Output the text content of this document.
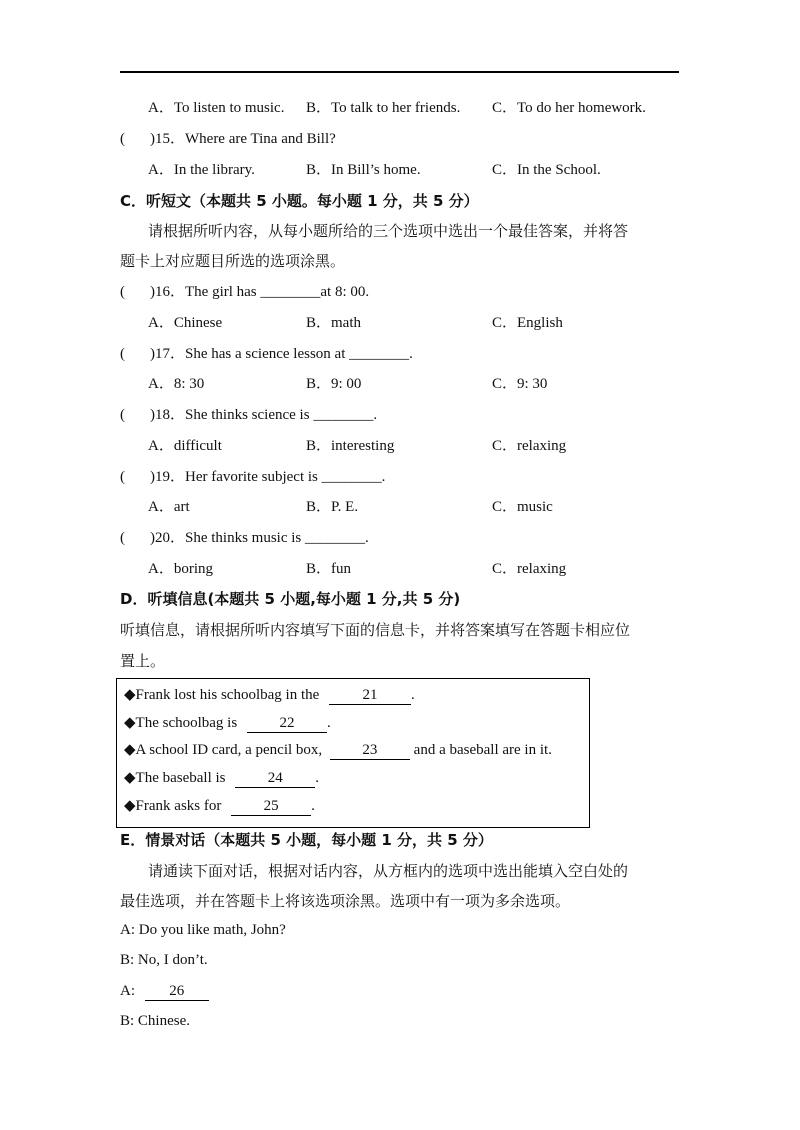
A．To listen to music. B．To talk to her friends. C．To do her homework.
( )15．Where are Tina and Bill?
A．In the library.	B．In Bill’s home.	C．In the School.
C．听短文（本题共 5 小题。每小题 1 分，共 5 分）
请根据所听内容，从每小题所给的三个选项中选出一个最佳答案，并将答
题卡上对应题目所选的选项涂黑。
( )16．The girl has ________at 8: 00.
A．Chinese	B．math	C．English
( )17．She has a science lesson at ________.
A．8: 30	B．9: 00	C．9: 30
( )18．She thinks science is ________.
A．difficult	B．interesting	C．relaxing
( )19．Her favorite subject is ________.
A．art	B．P. E.	C．music
( )20．She thinks music is ________.
A．boring	B．fun	C．relaxing
D．听填信息(本题共 5 小题,每小题 1 分,共 5 分)
听填信息，请根据所听内容填写下面的信息卡，并将答案填写在答题卡相应位
置上。
◆Frank lost his schoolbag in the	21 .
◆The schoolbag is	22 .
◆A school ID card, a pencil box, 23 and a baseball are in it.
◆The baseball is	24 .
◆Frank asks for	25 .
E．情景对话（本题共 5 小题，每小题 1 分，共 5 分）
请通读下面对话，根据对话内容，从方框内的选项中选出能填入空白处的
最佳选项，并在答题卡上将该选项涂黑。选项中有一项为多余选项。
A: Do you like math, John?
B: No, I don’t.
A: 26
B: Chinese.
